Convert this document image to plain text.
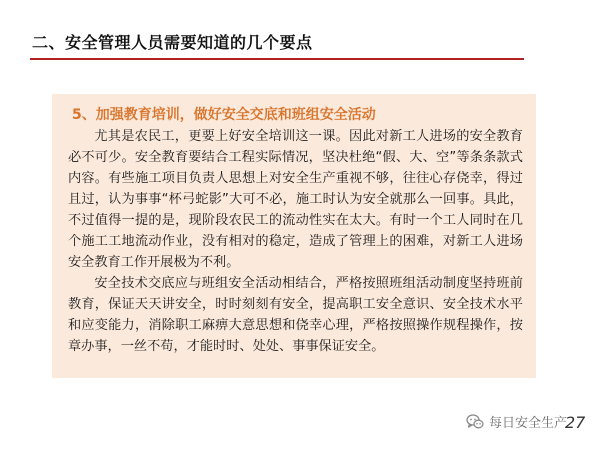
二、安全管理人员需要知道的几个要点
5、加强教育培训，做好安全交底和班组安全活动

尤其是农民工，更要上好安全培训这一课。因此对新工人进场的安全教育必不可少。安全教育要结合工程实际情况，坚决杜绝“假、大、空”等条条款式内容。有些施工项目负责人思想上对安全生产重视不够，往往心存侥幸，得过且过，认为事事“杯弓蛇影”大可不必，施工时认为安全就那么一回事。具此，不过值得一提的是，现阶段农民工的流动性实在太大。有时一个工人同时在几个施工工地流动作业，没有相对的稳定，造成了管理上的困难，对新工人进场安全教育工作开展极为不利。

安全技术交底应与班组安全活动相结合，严格按照班组活动制度坚持班前教育，保证天天讲安全，时时刻刻有安全，提高职工安全意识、安全技术水平和应变能力，消除职工麻痹大意思想和侥幸心理，严格按照操作规程操作，按章办事，一丝不苟，才能时时、处处、事事保证安全。

每日安全生产
27
